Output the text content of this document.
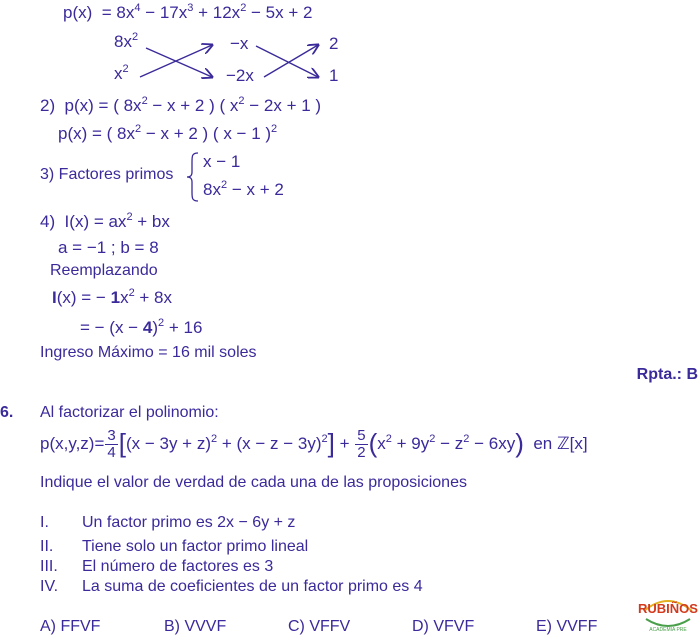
$p(x) = 8x^4 - 17x^3 + 12x^2 - 5x + 2$
$8x^2$
$x^2$
−x
−2x
2
1
2)  p(x) = ( $8x^2 - x + 2$ ) ( $x^2 - 2x + 1$ )
p(x) = ( $8x^2 - x + 2$ ) ( x − 1 )$^2$
3) Factores primos
x − 1
$8x^2 - x + 2$
4)  $I(x) = ax^2$ + bx
a = −1 ; b = 8
Reemplazando
I(x) = − $1x^2 + 8x$
= − $(x - 4)^2 + 16$
Ingreso Máximo = 16 mil soles
Rpta.: B
6. Al factorizar el polinomio:
$p(x,y,z)= \frac{3}{4} [(x - 3y + z)^2 + (x - z - 3y)^2] + \frac{5}{2} (x^2 + 9y^2 - z^2 - 6xy)$ en ℤ[x]
Indique el valor de verdad de cada una de las proposiciones
I. Un factor primo es 2x − 6y + z
II. Tiene solo un factor primo lineal
III. El número de factores es 3
IV. La suma de coeficientes de un factor primo es 4
A) FFVF	B) VVVF	C) VFFV	D) VFVF	E) VVFF
RUBIÑOS
ACADEMIA PRE
